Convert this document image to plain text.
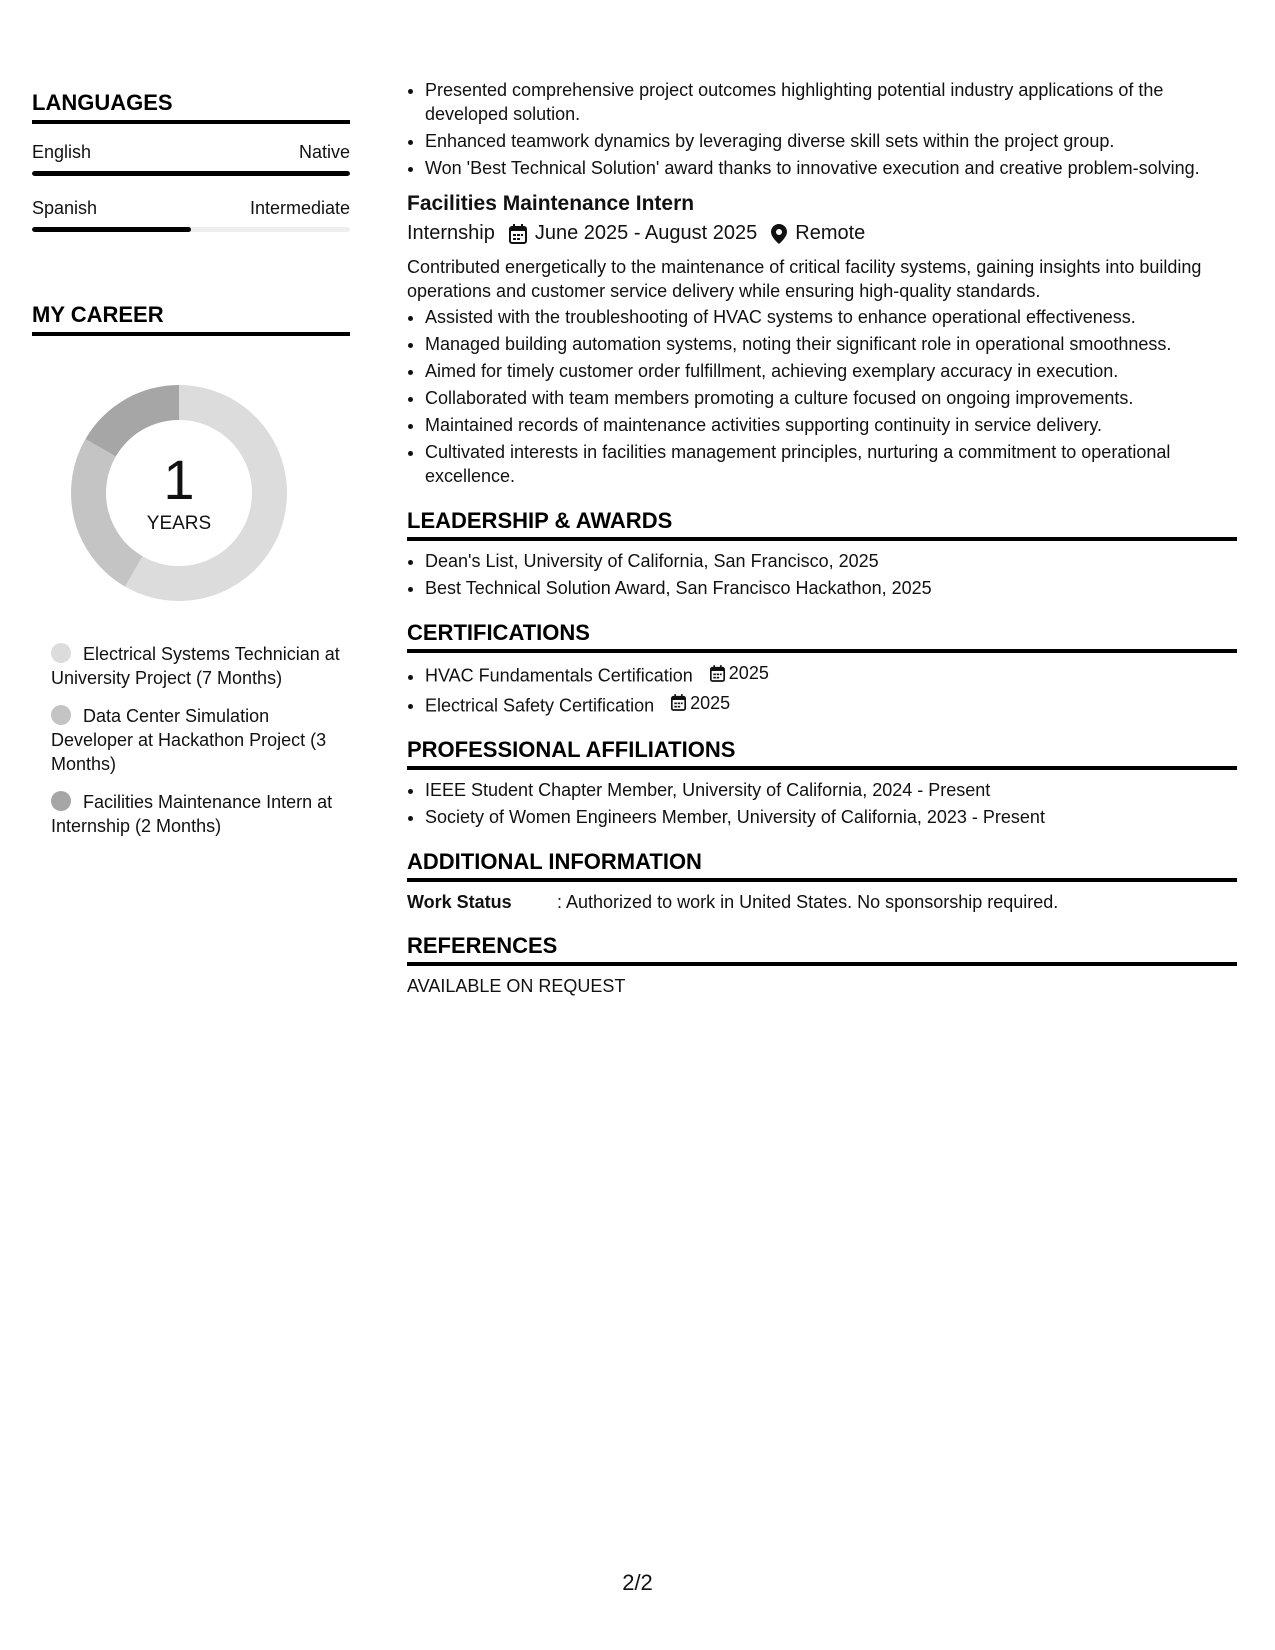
LANGUAGES
English	Native
Spanish	Intermediate
MY CAREER
1
YEARS
Electrical Systems Technician at University Project (7 Months)
Data Center Simulation Developer at Hackathon Project (3 Months)
Facilities Maintenance Intern at Internship (2 Months)
• Presented comprehensive project outcomes highlighting potential industry applications of the developed solution.
• Enhanced teamwork dynamics by leveraging diverse skill sets within the project group.
• Won 'Best Technical Solution' award thanks to innovative execution and creative problem-solving.
Facilities Maintenance Intern
Internship June 2025 - August 2025 Remote
Contributed energetically to the maintenance of critical facility systems, gaining insights into building operations and customer service delivery while ensuring high-quality standards.
• Assisted with the troubleshooting of HVAC systems to enhance operational effectiveness.
• Managed building automation systems, noting their significant role in operational smoothness.
• Aimed for timely customer order fulfillment, achieving exemplary accuracy in execution.
• Collaborated with team members promoting a culture focused on ongoing improvements.
• Maintained records of maintenance activities supporting continuity in service delivery.
• Cultivated interests in facilities management principles, nurturing a commitment to operational excellence.
LEADERSHIP & AWARDS
• Dean's List, University of California, San Francisco, 2025
• Best Technical Solution Award, San Francisco Hackathon, 2025
CERTIFICATIONS
• HVAC Fundamentals Certification 2025
• Electrical Safety Certification 2025
PROFESSIONAL AFFILIATIONS
• IEEE Student Chapter Member, University of California, 2024 - Present
• Society of Women Engineers Member, University of California, 2023 - Present
ADDITIONAL INFORMATION
Work Status	: Authorized to work in United States. No sponsorship required.
REFERENCES
AVAILABLE ON REQUEST
2/2
